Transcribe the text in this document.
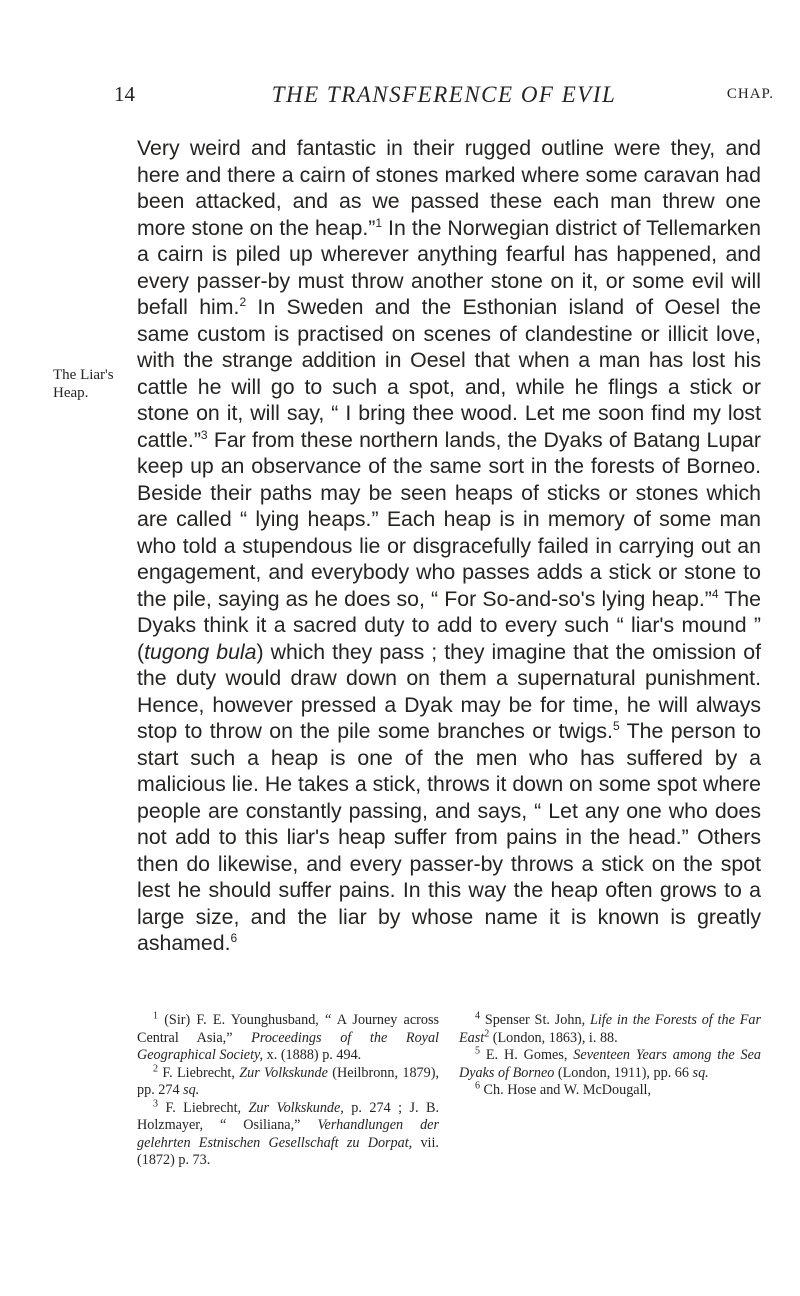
14	THE TRANSFERENCE OF EVIL	CHAP.
The Liar's
Heap.

Very weird and fantastic in their rugged outline were they, and here and there a cairn of stones marked where some caravan had been attacked, and as we passed these each man threw one more stone on the heap.”$^1$ In the Norwegian district of Tellemarken a cairn is piled up wherever anything fearful has happened, and every passer-by must throw another stone on it, or some evil will befall him.$^2$ In Sweden and the Esthonian island of Oesel the same custom is practised on scenes of clandestine or illicit love, with the strange addition in Oesel that when a man has lost his cattle he will go to such a spot, and, while he flings a stick or stone on it, will say, “ I bring thee wood. Let me soon find my lost cattle.”$^3$ Far from these northern lands, the Dyaks of Batang Lupar keep up an observance of the same sort in the forests of Borneo. Beside their paths may be seen heaps of sticks or stones which are called “ lying heaps.” Each heap is in memory of some man who told a stupendous lie or disgracefully failed in carrying out an engagement, and everybody who passes adds a stick or stone to the pile, saying as he does so, “ For So-and-so's lying heap.”$^4$ The Dyaks think it a sacred duty to add to every such “ liar's mound ” (tugong bula) which they pass ; they imagine that the omission of the duty would draw down on them a supernatural punishment. Hence, however pressed a Dyak may be for time, he will always stop to throw on the pile some branches or twigs.$^5$ The person to start such a heap is one of the men who has suffered by a malicious lie. He takes a stick, throws it down on some spot where people are constantly passing, and says, “ Let any one who does not add to this liar's heap suffer from pains in the head.” Others then do likewise, and every passer-by throws a stick on the spot lest he should suffer pains. In this way the heap often grows to a large size, and the liar by whose name it is known is greatly ashamed.$^6$

$^1$ (Sir) F. E. Younghusband, “ A Journey across Central Asia,” Proceedings of the Royal Geographical Society, x. (1888) p. 494.

$^2$ F. Liebrecht, Zur Volkskunde (Heilbronn, 1879), pp. 274 sq.

$^3$ F. Liebrecht, Zur Volkskunde, p. 274 ; J. B. Holzmayer, “ Osiliana,” Verhandlungen der gelehrten Estnischen Gesellschaft zu Dorpat, vii. (1872) p. 73.

$^4$ Spenser St. John, Life in the Forests of the Far East$^2$ (London, 1863), i. 88.

$^5$ E. H. Gomes, Seventeen Years among the Sea Dyaks of Borneo (London, 1911), pp. 66 sq.

$^6$ Ch. Hose and W. McDougall,
